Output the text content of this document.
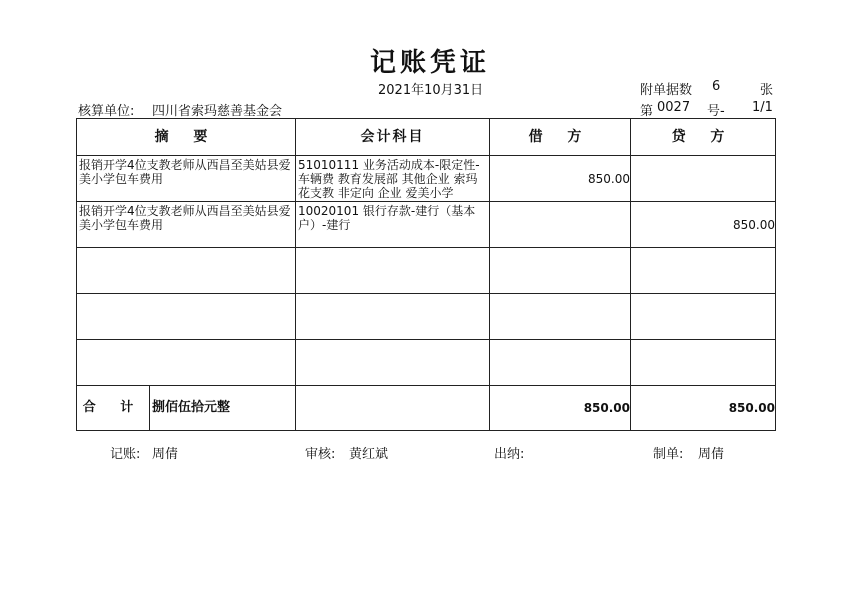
记账凭证
2021年10月31日	附单据数 6	张
核算单位: 四川省索玛慈善基金会	第 0027 号- 1/1
摘 要	会计科目	借 方	贷 方

报销开学4位支教老师从西昌至美姑县爱美小学包车费用	51010111 业务活动成本-限定性-车辆费 教育发展部 其他企业 索玛花支教 非定向 企业 爱美小学	850.00	

报销开学4位支教老师从西昌至美姑县爱美小学包车费用	10020101 银行存款-建行（基本户）-建行		850.00

合 计 捌佰伍拾元整		850.00	850.00
记账: 周倩	审核: 黄红斌	出纳:	制单: 周倩
